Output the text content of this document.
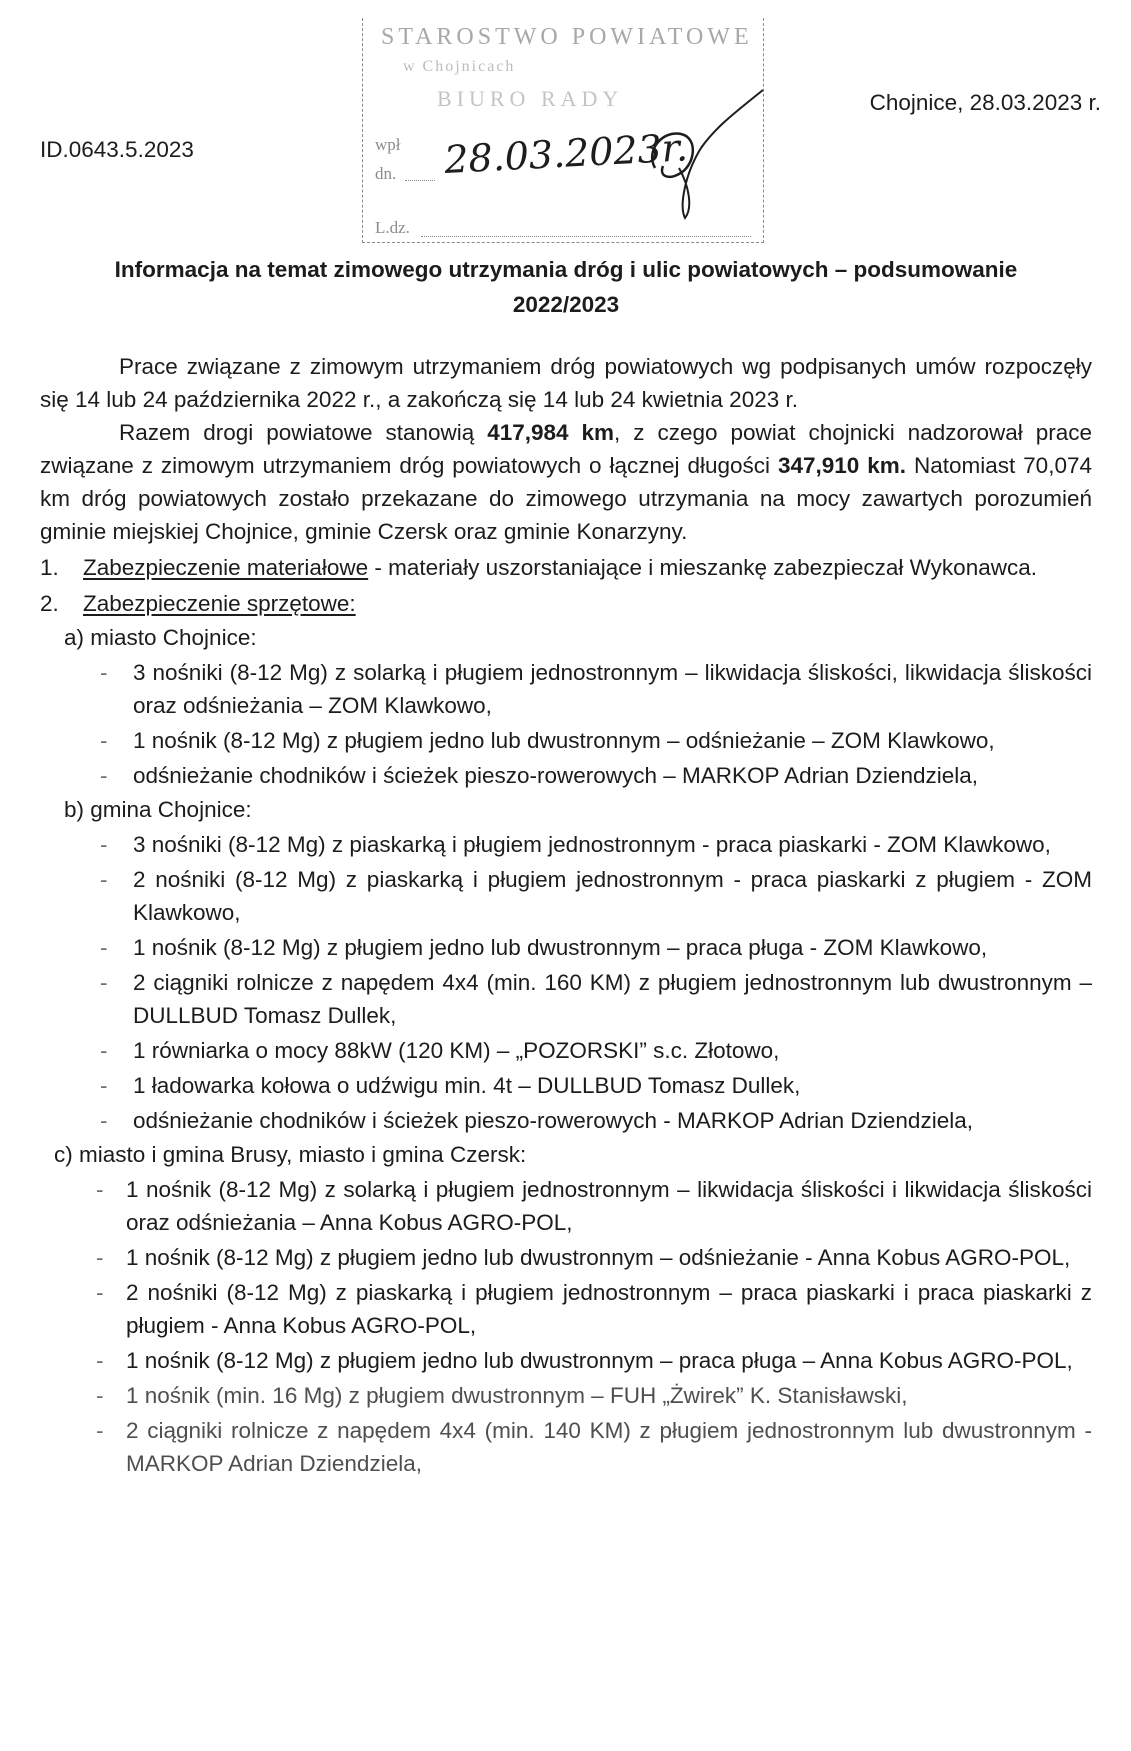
STAROSTWO POWIATOWE
w Chojnicach
BIURO RADY
wpł
dn.
L.dz.
28.03.2023r.
ID.0643.5.2023
Chojnice, 28.03.2023 r.
Informacja na temat zimowego utrzymania dróg i ulic powiatowych – podsumowanie
2022/2023

Prace związane z zimowym utrzymaniem dróg powiatowych wg podpisanych umów rozpoczęły się 14 lub 24 października 2022 r., a zakończą się 14 lub 24 kwietnia 2023 r.

Razem drogi powiatowe stanowią 417,984 km, z czego powiat chojnicki nadzorował prace związane z zimowym utrzymaniem dróg powiatowych o łącznej długości 347,910 km. Natomiast 70,074 km dróg powiatowych zostało przekazane do zimowego utrzymania na mocy zawartych porozumień gminie miejskiej Chojnice, gminie Czersk oraz gminie Konarzyny.

1.	Zabezpieczenie materiałowe - materiały uszorstaniające i mieszankę zabezpieczał Wykonawca.
2.	Zabezpieczenie sprzętowe:
a) miasto Chojnice:
-	3 nośniki (8-12 Mg) z solarką i pługiem jednostronnym – likwidacja śliskości, likwidacja śliskości oraz odśnieżania – ZOM Klawkowo,
-	1 nośnik (8-12 Mg) z pługiem jedno lub dwustronnym – odśnieżanie – ZOM Klawkowo,
-	odśnieżanie chodników i ścieżek pieszo-rowerowych – MARKOP Adrian Dziendziela,
b) gmina Chojnice:
-	3 nośniki (8-12 Mg) z piaskarką i pługiem jednostronnym - praca piaskarki - ZOM Klawkowo,
-	2 nośniki (8-12 Mg) z piaskarką i pługiem jednostronnym - praca piaskarki z pługiem - ZOM Klawkowo,
-	1 nośnik (8-12 Mg) z pługiem jedno lub dwustronnym – praca pługa - ZOM Klawkowo,
-	2 ciągniki rolnicze z napędem 4x4 (min. 160 KM) z pługiem jednostronnym lub dwustronnym – DULLBUD Tomasz Dullek,
-	1 równiarka o mocy 88kW (120 KM) – „POZORSKI” s.c. Złotowo,
-	1 ładowarka kołowa o udźwigu min. 4t – DULLBUD Tomasz Dullek,
-	odśnieżanie chodników i ścieżek pieszo-rowerowych - MARKOP Adrian Dziendziela,
c) miasto i gmina Brusy, miasto i gmina Czersk:
-	1 nośnik (8-12 Mg) z solarką i pługiem jednostronnym – likwidacja śliskości i likwidacja śliskości oraz odśnieżania – Anna Kobus AGRO-POL,
-	1 nośnik (8-12 Mg) z pługiem jedno lub dwustronnym – odśnieżanie - Anna Kobus AGRO-POL,
-	2 nośniki (8-12 Mg) z piaskarką i pługiem jednostronnym – praca piaskarki i praca piaskarki z pługiem - Anna Kobus AGRO-POL,
-	1 nośnik (8-12 Mg) z pługiem jedno lub dwustronnym – praca pługa – Anna Kobus AGRO-POL,
-	1 nośnik (min. 16 Mg) z pługiem dwustronnym – FUH „Żwirek” K. Stanisławski,
-	2 ciągniki rolnicze z napędem 4x4 (min. 140 KM) z pługiem jednostronnym lub dwustronnym - MARKOP Adrian Dziendziela,
